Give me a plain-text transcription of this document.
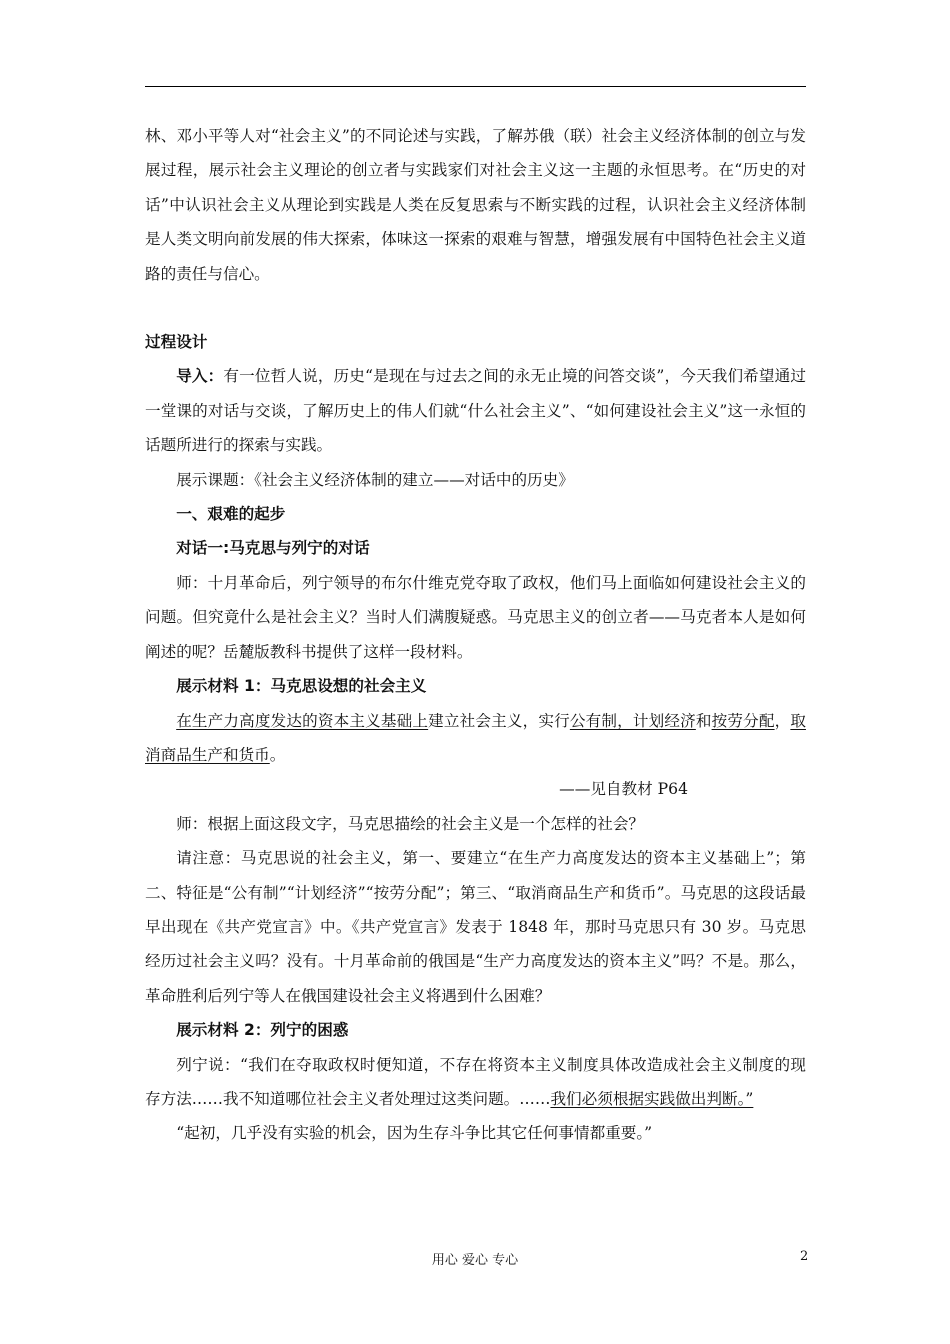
林、邓小平等人对“社会主义”的不同论述与实践，了解苏俄（联）社会主义经济体制的创立与发展过程，展示社会主义理论的创立者与实践家们对社会主义这一主题的永恒思考。在“历史的对话”中认识社会主义从理论到实践是人类在反复思索与不断实践的过程，认识社会主义经济体制是人类文明向前发展的伟大探索，体味这一探索的艰难与智慧，增强发展有中国特色社会主义道路的责任与信心。

过程设计

导入：有一位哲人说，历史“是现在与过去之间的永无止境的问答交谈”，今天我们希望通过一堂课的对话与交谈，了解历史上的伟人们就“什么社会主义”、“如何建设社会主义”这一永恒的话题所进行的探索与实践。

展示课题：《社会主义经济体制的建立——对话中的历史》

一、艰难的起步

对话一:马克思与列宁的对话

师：十月革命后，列宁领导的布尔什维克党夺取了政权，他们马上面临如何建设社会主义的问题。但究竟什么是社会主义？当时人们满腹疑惑。马克思主义的创立者——马克者本人是如何阐述的呢？岳麓版教科书提供了这样一段材料。

展示材料 1：马克思设想的社会主义

在生产力高度发达的资本主义基础上建立社会主义，实行公有制，计划经济和按劳分配，取消商品生产和货币。

——见自教材 P64

师：根据上面这段文字，马克思描绘的社会主义是一个怎样的社会？

请注意：马克思说的社会主义，第一、要建立“在生产力高度发达的资本主义基础上”；第二、特征是“公有制”“计划经济”“按劳分配”；第三、“取消商品生产和货币”。马克思的这段话最早出现在《共产党宣言》中。《共产党宣言》发表于 1848 年，那时马克思只有 30 岁。马克思经历过社会主义吗？没有。十月革命前的俄国是“生产力高度发达的资本主义”吗？不是。那么，革命胜利后列宁等人在俄国建设社会主义将遇到什么困难？

展示材料 2：列宁的困惑

列宁说：“我们在夺取政权时便知道，不存在将资本主义制度具体改造成社会主义制度的现存方法……我不知道哪位社会主义者处理过这类问题。……我们必须根据实践做出判断。”

“起初，几乎没有实验的机会，因为生存斗争比其它任何事情都重要。”

用心 爱心 专心	2
